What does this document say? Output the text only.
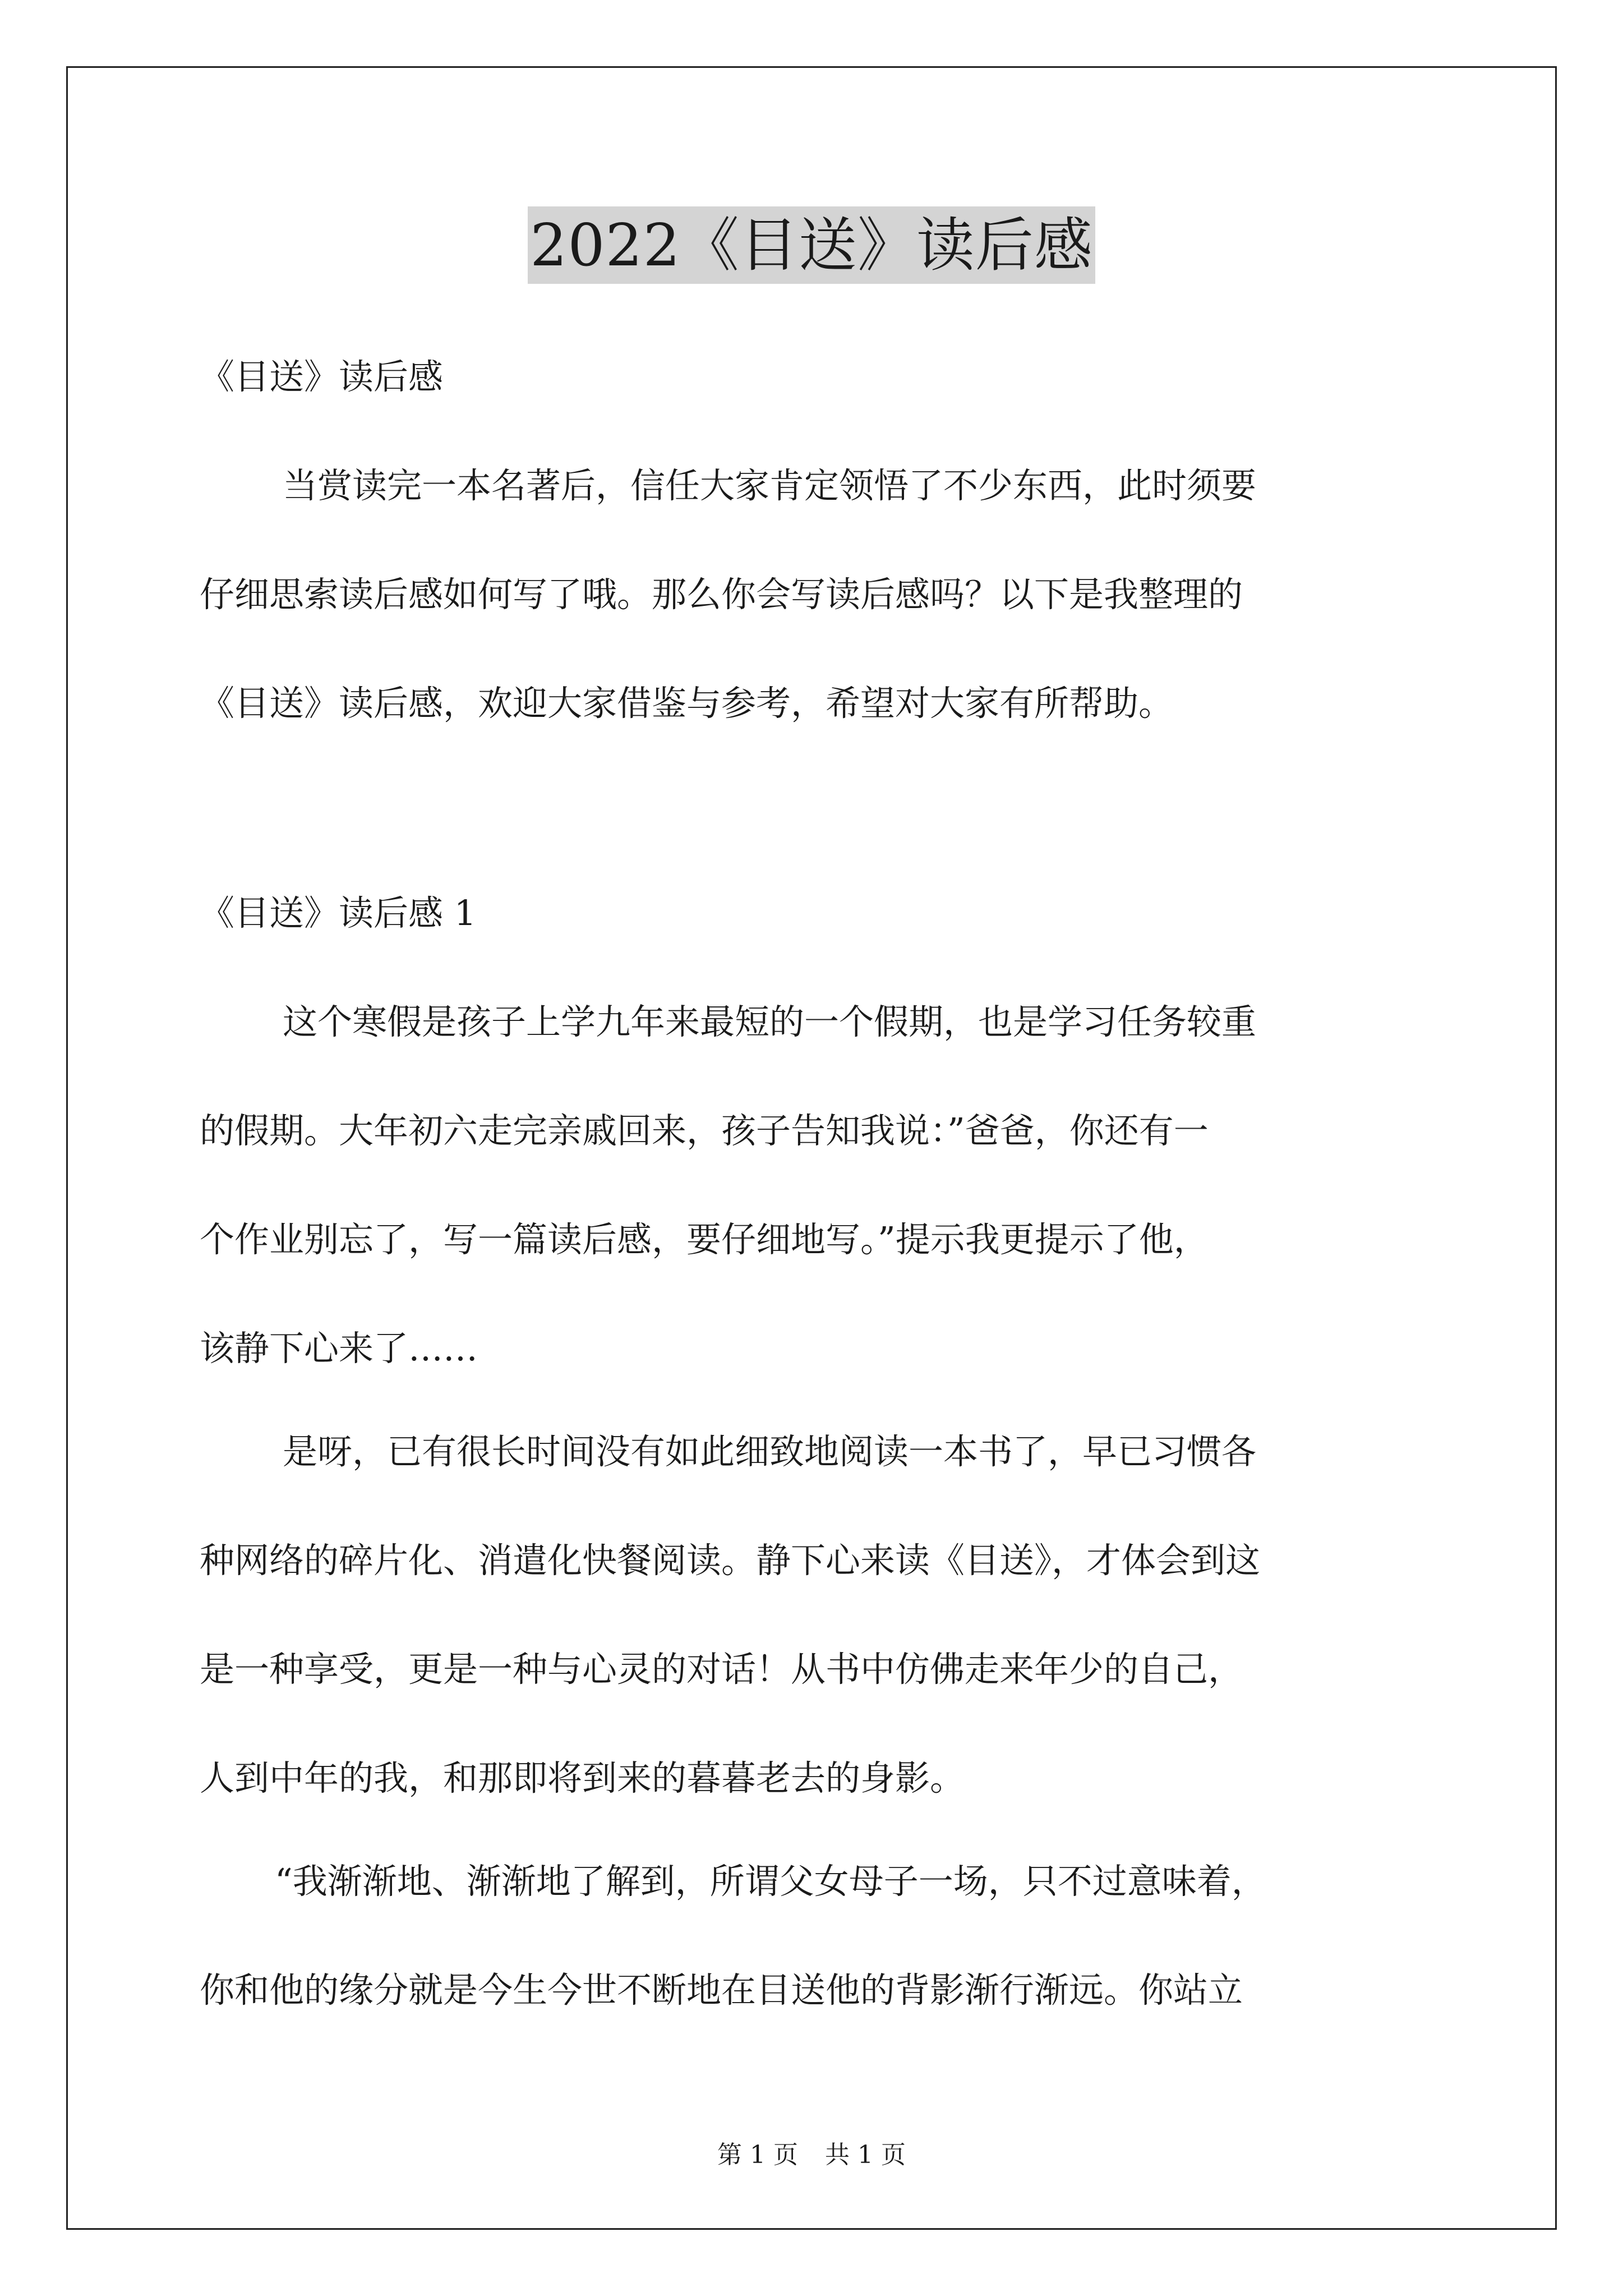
2022《目送》读后感
《目送》读后感
当赏读完一本名著后，信任大家肯定领悟了不少东西，此时须要
仔细思索读后感如何写了哦。那么你会写读后感吗？以下是我整理的
《目送》读后感，欢迎大家借鉴与参考，希望对大家有所帮助。
《目送》读后感 1
这个寒假是孩子上学九年来最短的一个假期，也是学习任务较重
的假期。大年初六走完亲戚回来，孩子告知我说：”爸爸，你还有一
个作业别忘了，写一篇读后感，要仔细地写。”提示我更提示了他，
该静下心来了……
是呀，已有很长时间没有如此细致地阅读一本书了，早已习惯各
种网络的碎片化、消遣化快餐阅读。静下心来读《目送》，才体会到这
是一种享受，更是一种与心灵的对话！从书中仿佛走来年少的自己，
人到中年的我，和那即将到来的暮暮老去的身影。
“我渐渐地、渐渐地了解到，所谓父女母子一场，只不过意味着，
你和他的缘分就是今生今世不断地在目送他的背影渐行渐远。你站立
第 1 页 共 1 页
